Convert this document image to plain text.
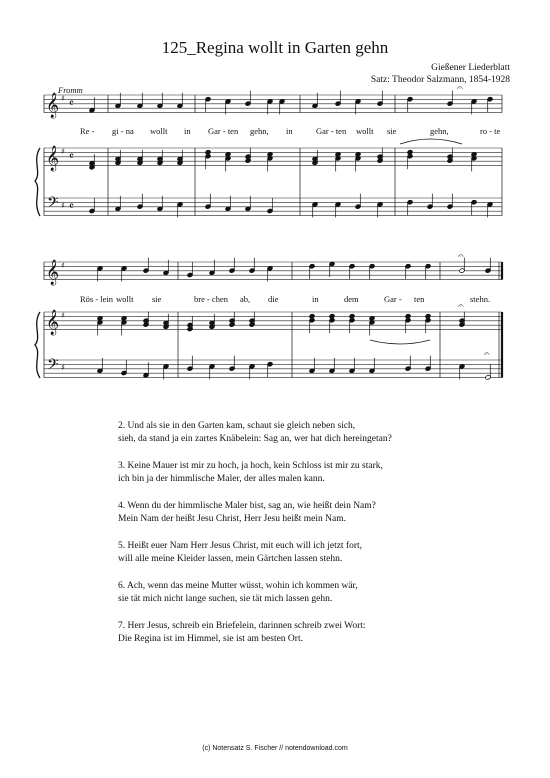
125_Regina wollt in Garten gehn
Gießener Liederblatt
Satz: Theodor Salzmann, 1854-1928
Fromm
𝄞
𝄞
𝄢
♯
♯
♯
𝄴
𝄴
𝄴
𝄞
𝄞
𝄢
♯
♯
♯
𝄐
𝄐
𝄐
𝄐
Re - gi - na wollt in Gar - ten gehn, in	Gar - ten wollt sie	gehn,	ro - te
Rös - lein wollt sie	bre - chen ab, die	in	dem	Gar - ten	stehn.

2. Und als sie in den Garten kam, schaut sie gleich neben sich,

sieh, da stand ja ein zartes Knäbelein: Sag an, wer hat dich hereingetan?

3. Keine Mauer ist mir zu hoch, ja hoch, kein Schloss ist mir zu stark,

ich bin ja der himmlische Maler, der alles malen kann.

4. Wenn du der himmlische Maler bist, sag an, wie heißt dein Nam?

Mein Nam der heißt Jesu Christ, Herr Jesu heißt mein Nam.

5. Heißt euer Nam Herr Jesus Christ, mit euch will ich jetzt fort,

will alle meine Kleider lassen, mein Gärtchen lassen stehn.

6. Ach, wenn das meine Mutter wüsst, wohin ich kommen wär,

sie tät mich nicht lange suchen, sie tät mich lassen gehn.

7. Herr Jesus, schreib ein Briefelein, darinnen schreib zwei Wort:

Die Regina ist im Himmel, sie ist am besten Ort.

(c) Notensatz S. Fischer // notendownload.com
